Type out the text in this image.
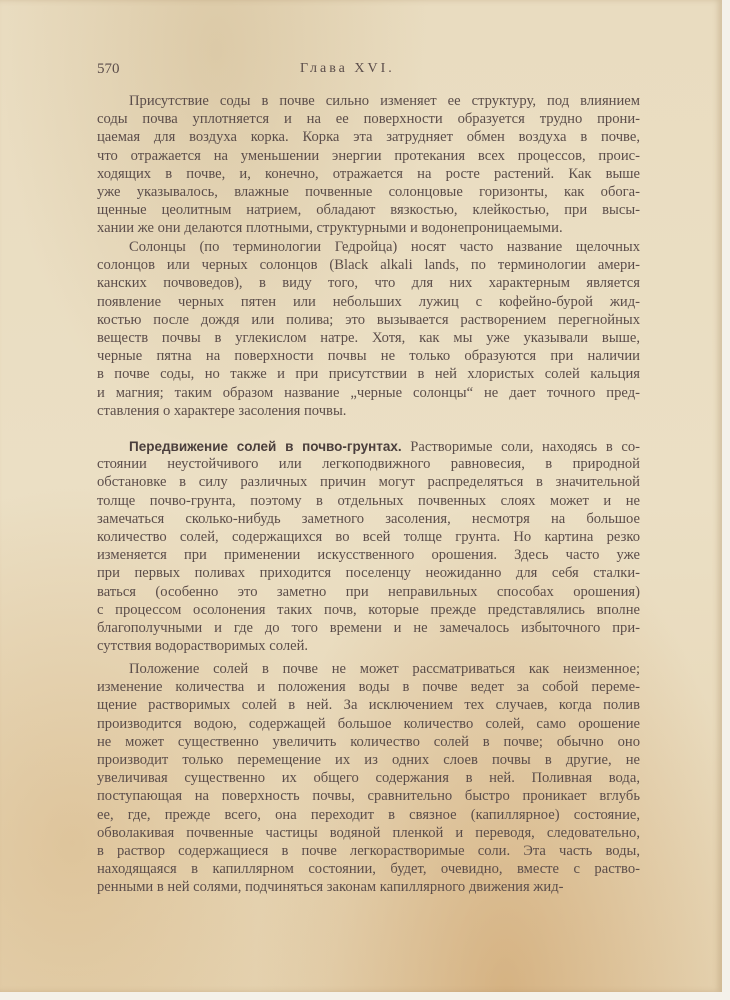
570	Глава XVI.
Присутствие соды в почве сильно изменяет ее структуру, под влиянием
соды почва уплотняется и на ее поверхности образуется трудно прони-
цаемая для воздуха корка. Корка эта затрудняет обмен воздуха в почве,
что отражается на уменьшении энергии протекания всех процессов, проис-
ходящих в почве, и, конечно, отражается на росте растений. Как выше
уже указывалось, влажные почвенные солонцовые горизонты, как обога-
щенные цеолитным натрием, обладают вязкостью, клейкостью, при высы-
хании же они делаются плотными, структурными и водонепроницаемыми.
Солонцы (по терминологии Гедройца) носят часто название щелочных
солонцов или черных солонцов (Black alkali lands, по терминологии амери-
канских почвоведов), в виду того, что для них характерным является
появление черных пятен или небольших лужиц с кофейно-бурой жид-
костью после дождя или полива; это вызывается растворением перегнойных
веществ почвы в углекислом натре. Хотя, как мы уже указывали выше,
черные пятна на поверхности почвы не только образуются при наличии
в почве соды, но также и при присутствии в ней хлористых солей кальция
и магния; таким образом название „черные солонцы“ не дает точного пред-
ставления о характере засоления почвы.
Передвижение солей в почво-грунтах. Растворимые соли, находясь в со-
стоянии неустойчивого или легкоподвижного равновесия, в природной
обстановке в силу различных причин могут распределяться в значительной
толще почво-грунта, поэтому в отдельных почвенных слоях может и не
замечаться сколько-нибудь заметного засоления, несмотря на большое
количество солей, содержащихся во всей толще грунта. Но картина резко
изменяется при применении искусственного орошения. Здесь часто уже
при первых поливах приходится поселенцу неожиданно для себя сталки-
ваться (особенно это заметно при неправильных способах орошения)
с процессом осолонения таких почв, которые прежде представлялись вполне
благополучными и где до того времени и не замечалось избыточного при-
сутствия водорастворимых солей.
Положение солей в почве не может рассматриваться как неизменное;
изменение количества и положения воды в почве ведет за собой переме-
щение растворимых солей в ней. За исключением тех случаев, когда полив
производится водою, содержащей большое количество солей, само орошение
не может существенно увеличить количество солей в почве; обычно оно
производит только перемещение их из одних слоев почвы в другие, не
увеличивая существенно их общего содержания в ней. Поливная вода,
поступающая на поверхность почвы, сравнительно быстро проникает вглубь
ее, где, прежде всего, она переходит в связное (капиллярное) состояние,
обволакивая почвенные частицы водяной пленкой и переводя, следовательно,
в раствор содержащиеся в почве легкорастворимые соли. Эта часть воды,
находящаяся в капиллярном состоянии, будет, очевидно, вместе с раство-
ренными в ней солями, подчиняться законам капиллярного движения жид-
